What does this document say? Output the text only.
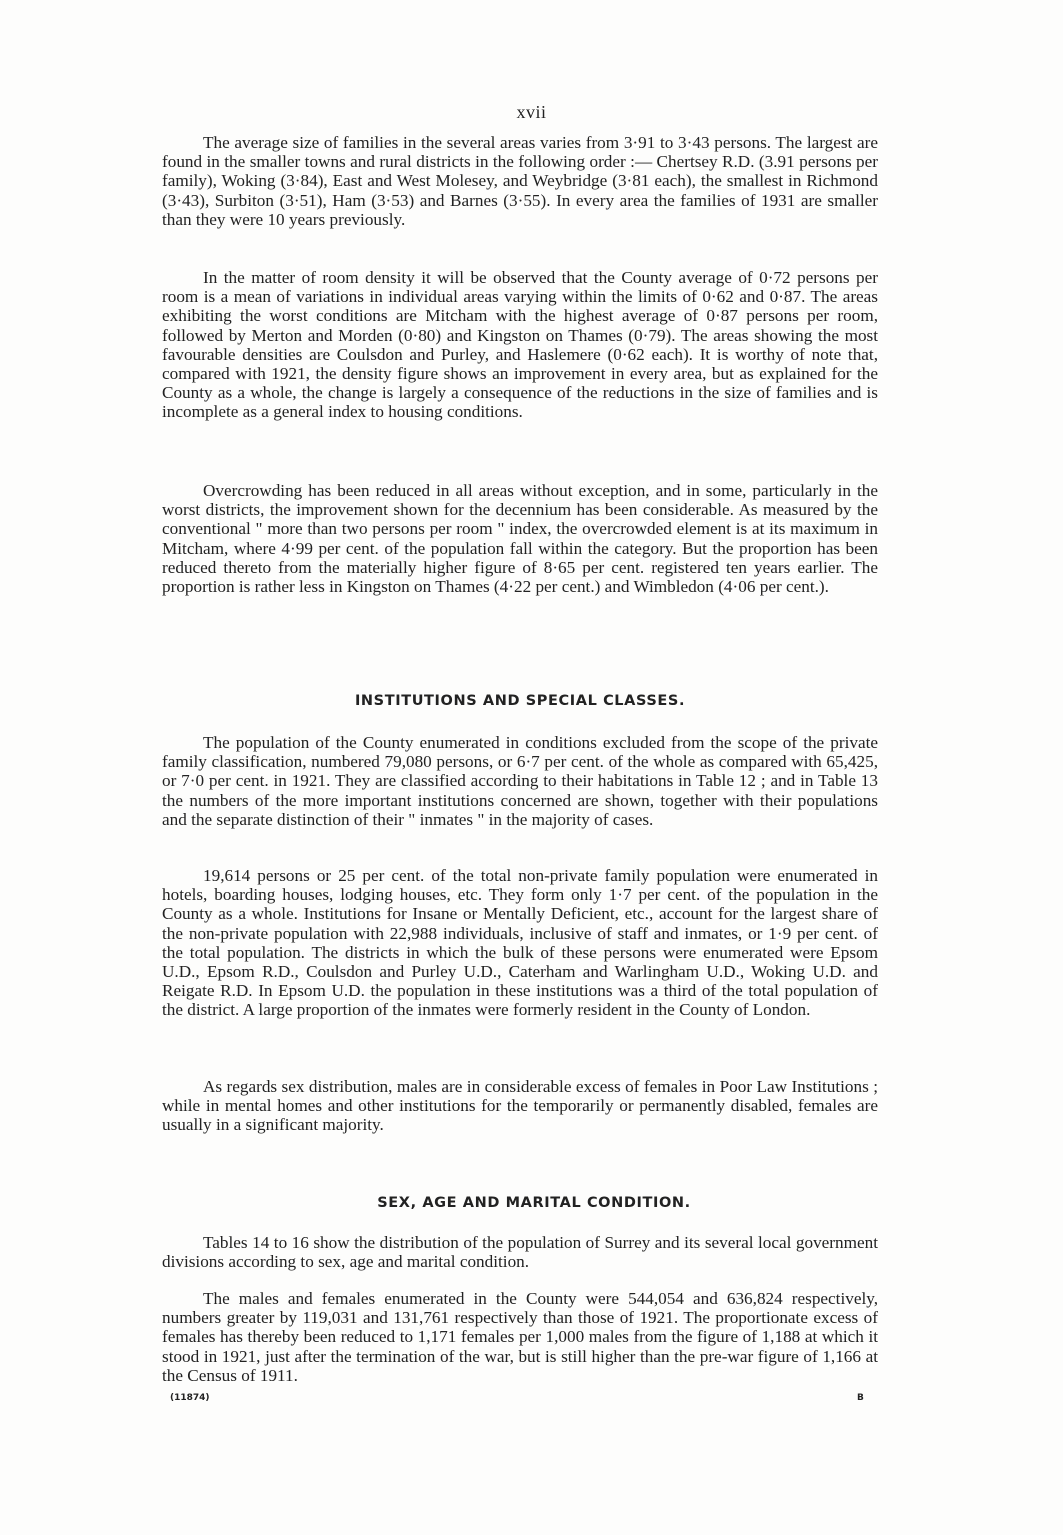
xvii

The average size of families in the several areas varies from 3·91 to 3·43 persons. The largest are found in the smaller towns and rural districts in the following order :— Chertsey R.D. (3.91 persons per family), Woking (3·84), East and West Molesey, and Weybridge (3·81 each), the smallest in Richmond (3·43), Surbiton (3·51), Ham (3·53) and Barnes (3·55). In every area the families of 1931 are smaller than they were 10 years previously.

In the matter of room density it will be observed that the County average of 0·72 persons per room is a mean of variations in individual areas varying within the limits of 0·62 and 0·87. The areas exhibiting the worst conditions are Mitcham with the highest average of 0·87 persons per room, followed by Merton and Morden (0·80) and Kingston on Thames (0·79). The areas showing the most favourable densities are Coulsdon and Purley, and Haslemere (0·62 each). It is worthy of note that, compared with 1921, the density figure shows an improvement in every area, but as explained for the County as a whole, the change is largely a consequence of the reductions in the size of families and is incomplete as a general index to housing conditions.

Overcrowding has been reduced in all areas without exception, and in some, particularly in the worst districts, the improvement shown for the decennium has been considerable. As measured by the conventional " more than two persons per room " index, the overcrowded element is at its maximum in Mitcham, where 4·99 per cent. of the population fall within the category. But the proportion has been reduced thereto from the materially higher figure of 8·65 per cent. registered ten years earlier. The proportion is rather less in Kingston on Thames (4·22 per cent.) and Wimbledon (4·06 per cent.).

INSTITUTIONS AND SPECIAL CLASSES.

The population of the County enumerated in conditions excluded from the scope of the private family classification, numbered 79,080 persons, or 6·7 per cent. of the whole as compared with 65,425, or 7·0 per cent. in 1921. They are classified according to their habitations in Table 12 ; and in Table 13 the numbers of the more important institutions concerned are shown, together with their populations and the separate distinction of their " inmates " in the majority of cases.

19,614 persons or 25 per cent. of the total non-private family population were enumerated in hotels, boarding houses, lodging houses, etc. They form only 1·7 per cent. of the population in the County as a whole. Institutions for Insane or Mentally Deficient, etc., account for the largest share of the non-private population with 22,988 individuals, inclusive of staff and inmates, or 1·9 per cent. of the total population. The districts in which the bulk of these persons were enumerated were Epsom U.D., Epsom R.D., Coulsdon and Purley U.D., Caterham and Warlingham U.D., Woking U.D. and Reigate R.D. In Epsom U.D. the population in these institutions was a third of the total population of the district. A large proportion of the inmates were formerly resident in the County of London.

As regards sex distribution, males are in considerable excess of females in Poor Law Institutions ; while in mental homes and other institutions for the temporarily or permanently disabled, females are usually in a significant majority.

SEX, AGE AND MARITAL CONDITION.

Tables 14 to 16 show the distribution of the population of Surrey and its several local government divisions according to sex, age and marital condition.

The males and females enumerated in the County were 544,054 and 636,824 respectively, numbers greater by 119,031 and 131,761 respectively than those of 1921. The proportionate excess of females has thereby been reduced to 1,171 females per 1,000 males from the figure of 1,188 at which it stood in 1921, just after the termination of the war, but is still higher than the pre-war figure of 1,166 at the Census of 1911.

(11874)	B
